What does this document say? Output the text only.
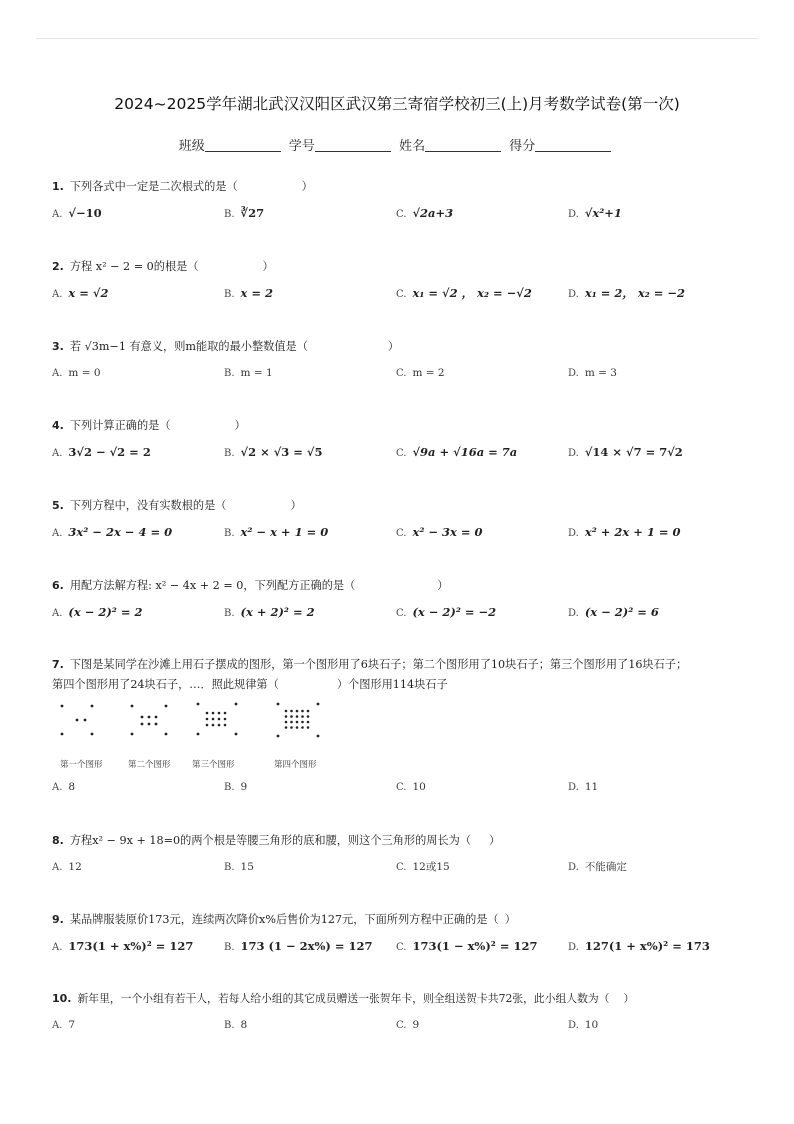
2024~2025学年湖北武汉汉阳区武汉第三寄宿学校初三(上)月考数学试卷(第一次)
班级	学号	姓名	得分
1. 下列各式中一定是二次根式的是（	）
A. √−10	B. ∛27	C. √2a+3	D. √x²+1
2. 方程 x² − 2 = 0的根是（	）
A. x = √2	B. x = 2	C. x₁ = √2 ， x₂ = −√2	D. x₁ = 2， x₂ = −2
3. 若 √3m−1 有意义，则m能取的最小整数值是（	）
A. m = 0	B. m = 1	C. m = 2	D. m = 3
4. 下列计算正确的是（	）
A. 3√2 − √2 = 2	B. √2 × √3 = √5	C. √9a + √16a = 7a	D. √14 × √7 = 7√2
5. 下列方程中，没有实数根的是（	）
A. 3x² − 2x − 4 = 0	B. x² − x + 1 = 0	C. x² − 3x = 0	D. x² + 2x + 1 = 0
6. 用配方法解方程: x² − 4x + 2 = 0，下列配方正确的是（	）
A. (x − 2)² = 2	B. (x + 2)² = 2	C. (x − 2)² = −2	D. (x − 2)² = 6
7. 下图是某同学在沙滩上用石子摆成的图形，第一个图形用了6块石子；第二个图形用了10块石子；第三个图形用了16块石子；
第四个图形用了24块石子，…．照此规律第（	）个图形用114块石子
第一个图形	第二个图形	第三个图形	第四个图形
A. 8	B. 9	C. 10	D. 11
8. 方程x² − 9x + 18=0的两个根是等腰三角形的底和腰，则这个三角形的周长为（ ）
A. 12	B. 15	C. 12或15	D. 不能确定
9. 某品牌服装原价173元，连续两次降价x%后售价为127元，下面所列方程中正确的是（ ）
A. 173(1 + x%)² = 127	B. 173 (1 − 2x%) = 127 C. 173(1 − x%)² = 127	D. 127(1 + x%)² = 173
10. 新年里，一个小组有若干人，若每人给小组的其它成员赠送一张贺年卡，则全组送贺卡共72张，此小组人数为（ ）
A. 7	B. 8	C. 9	D. 10
